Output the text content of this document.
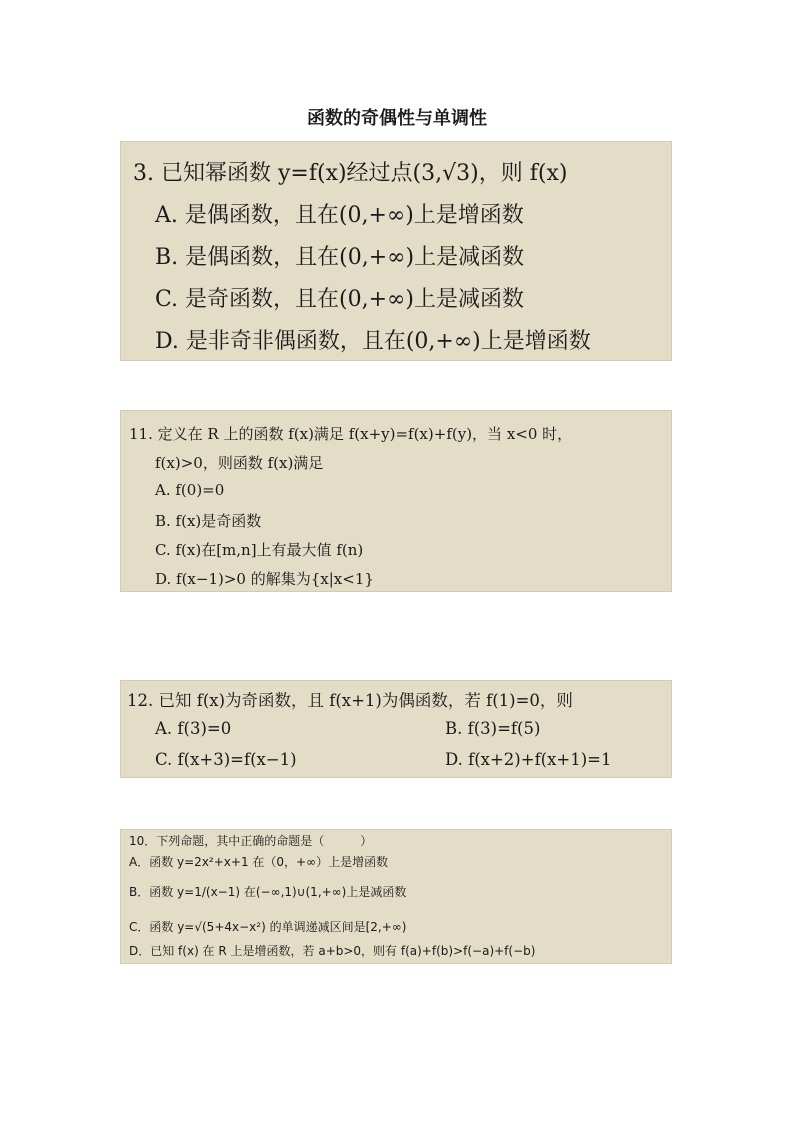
函数的奇偶性与单调性
3. 已知幂函数 y=f(x)经过点(3,√3)，则 f(x)
A. 是偶函数，且在(0,+∞)上是增函数
B. 是偶函数，且在(0,+∞)上是减函数
C. 是奇函数，且在(0,+∞)上是减函数
D. 是非奇非偶函数，且在(0,+∞)上是增函数
11. 定义在 R 上的函数 f(x)满足 f(x+y)=f(x)+f(y)，当 x<0 时，
f(x)>0，则函数 f(x)满足
A. f(0)=0
B. f(x)是奇函数
C. f(x)在[m,n]上有最大值 f(n)
D. f(x−1)>0 的解集为{x|x<1}
12. 已知 f(x)为奇函数，且 f(x+1)为偶函数，若 f(1)=0，则
A. f(3)=0	B. f(3)=f(5)
C. f(x+3)=f(x−1)	D. f(x+2)+f(x+1)=1
10．下列命题，其中正确的命题是（　　　）
A．函数 y=2x²+x+1 在（0，+∞）上是增函数
B．函数 y=1/(x−1) 在(−∞,1)∪(1,+∞)上是减函数
C．函数 y=√(5+4x−x²) 的单调递减区间是[2,+∞)
D．已知 f(x) 在 R 上是增函数，若 a+b>0，则有 f(a)+f(b)>f(−a)+f(−b)
